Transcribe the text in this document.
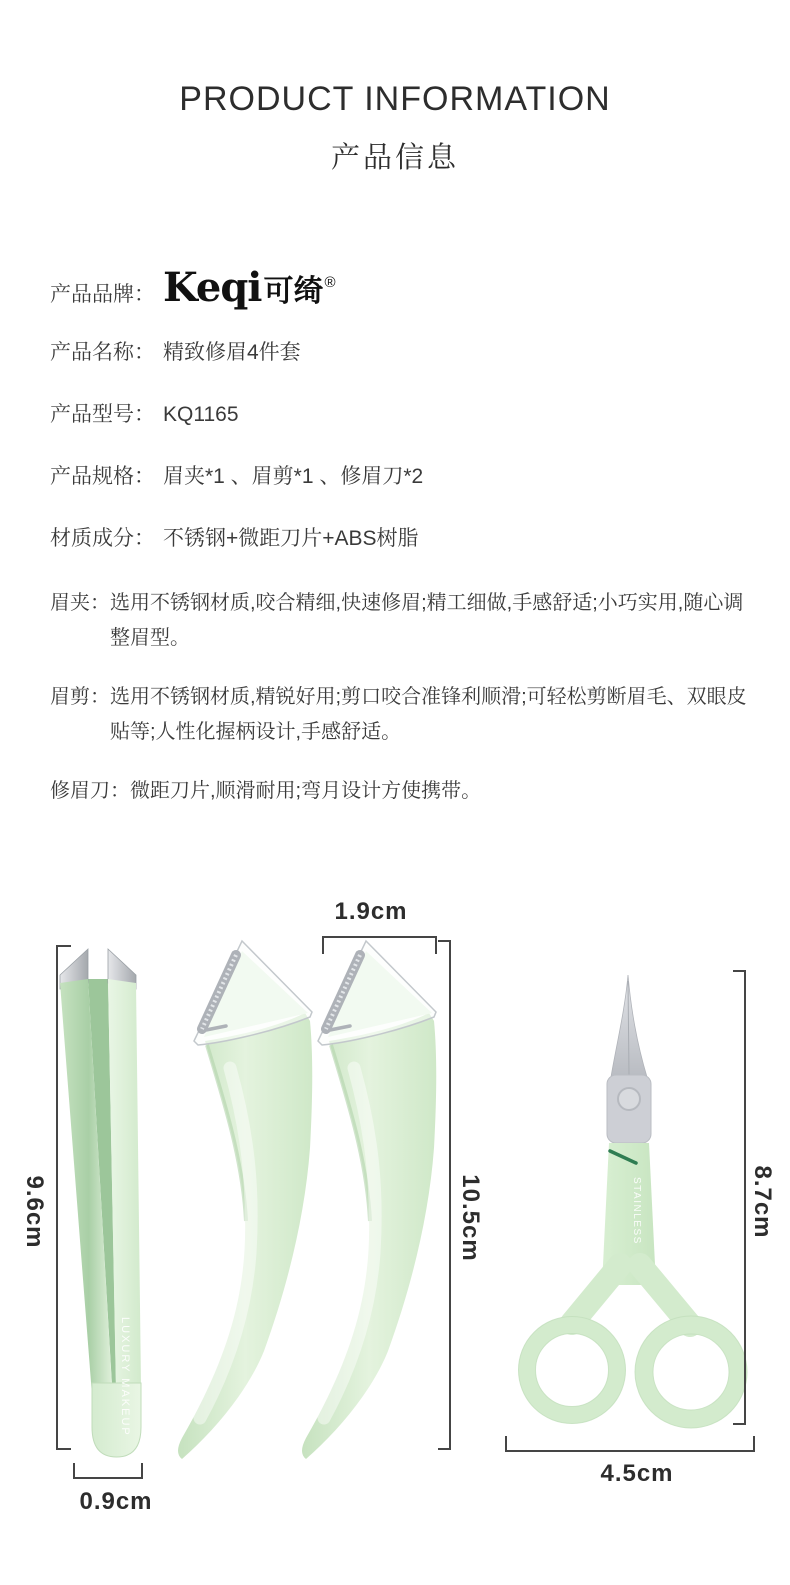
PRODUCT INFORMATION
产品信息
产品品牌： Keqi 可绮 ®
产品名称： 精致修眉4件套
产品型号： KQ1165
产品规格： 眉夹*1 、眉剪*1 、修眉刀*2
材质成分： 不锈钢+微距刀片+ABS树脂
眉夹： 选用不锈钢材质,咬合精细,快速修眉;精工细做,手感舒适;小巧实用,随心调整眉型。
眉剪： 选用不锈钢材质,精锐好用;剪口咬合准锋利顺滑;可轻松剪断眉毛、双眼皮贴等;人性化握柄设计,手感舒适。
修眉刀： 微距刀片,顺滑耐用;弯月设计方使携带。
LUXURY MAKEUP
STAINLESS
9.6cm
0.9cm
1.9cm
10.5cm	8.7cm
4.5cm
